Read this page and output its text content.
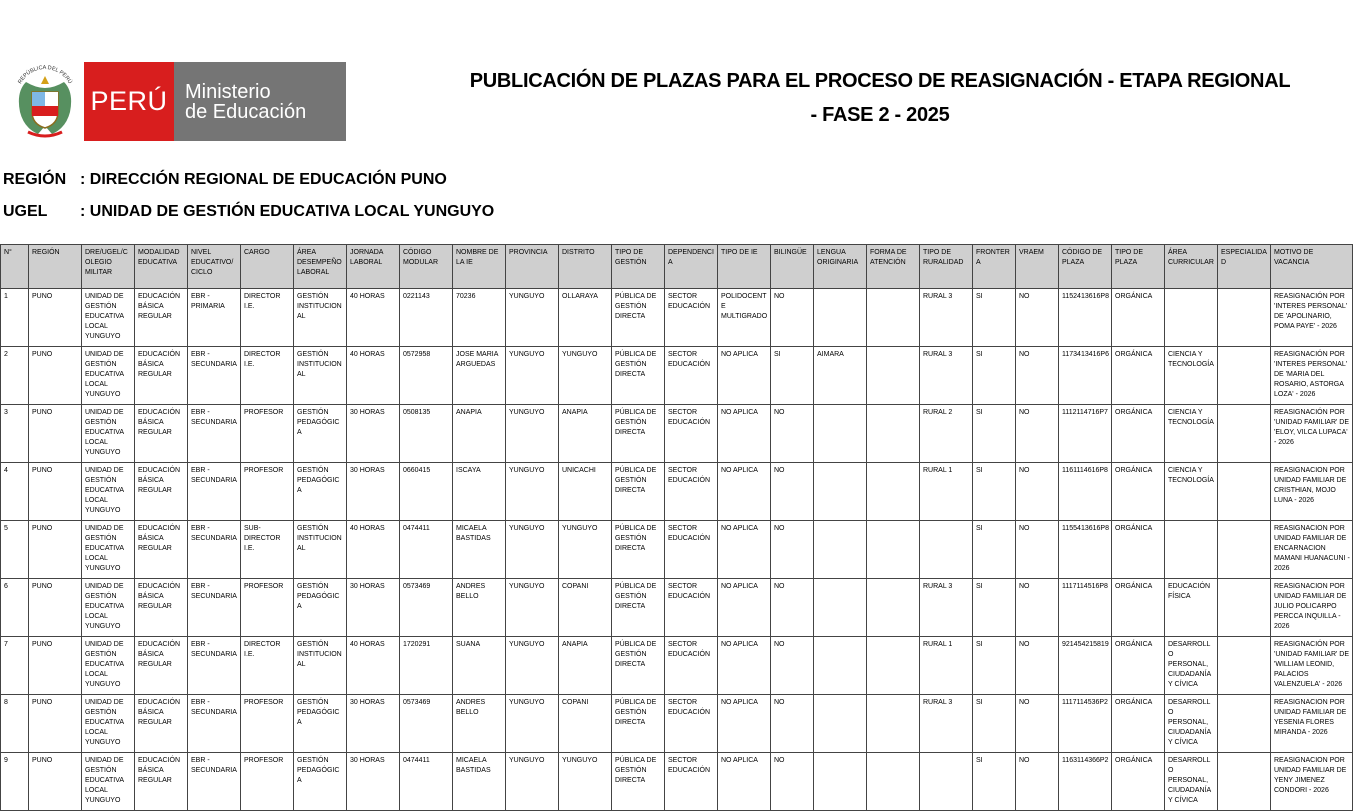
REPÚBLICA DEL PERÚ
PERÚ Ministerio
de Educación
PUBLICACIÓN DE PLAZAS PARA EL PROCESO DE REASIGNACIÓN - ETAPA REGIONAL
- FASE 2 - 2025
REGIÓN : DIRECCIÓN REGIONAL DE EDUCACIÓN PUNO
UGEL : UNIDAD DE GESTIÓN EDUCATIVA LOCAL YUNGUYO
N°	REGIÓN	DRE/UGEL/COLEGIO MILITAR	MODALIDAD EDUCATIVA	NIVEL EDUCATIVO/ CICLO	CARGO	ÁREA DESEMPEÑO LABORAL	JORNADA LABORAL	CÓDIGO MODULAR	NOMBRE DE LA IE	PROVINCIA	DISTRITO	TIPO DE GESTIÓN	DEPENDENCIA	TIPO DE IE	BILINGÜE	LENGUA ORIGINARIA	FORMA DE ATENCIÓN	TIPO DE RURALIDAD	FRONTERA	VRAEM	CÓDIGO DE PLAZA	TIPO DE PLAZA	ÁREA CURRICULAR	ESPECIALIDAD	MOTIVO DE VACANCIA
1	PUNO	UNIDAD DE GESTIÓN EDUCATIVA LOCAL YUNGUYO	EDUCACIÓN BÁSICA REGULAR	EBR - PRIMARIA	DIRECTOR I.E.	GESTIÓN INSTITUCIONAL	40 HORAS	0221143	70236	YUNGUYO	OLLARAYA	PÚBLICA DE GESTIÓN DIRECTA	SECTOR EDUCACIÓN	POLIDOCENTE MULTIGRADO	NO			RURAL 3	SI	NO	1152413616P8	ORGÁNICA			REASIGNACIÓN POR 'INTERES PERSONAL' DE 'APOLINARIO, POMA PAYE' - 2026
2	PUNO	UNIDAD DE GESTIÓN EDUCATIVA LOCAL YUNGUYO	EDUCACIÓN BÁSICA REGULAR	EBR - SECUNDARIA	DIRECTOR I.E.	GESTIÓN INSTITUCIONAL	40 HORAS	0572958	JOSE MARIA ARGUEDAS	YUNGUYO	YUNGUYO	PÚBLICA DE GESTIÓN DIRECTA	SECTOR EDUCACIÓN	NO APLICA	SI	AIMARA		RURAL 3	SI	NO	1173413416P6	ORGÁNICA	CIENCIA Y TECNOLOGÍA		REASIGNACIÓN POR 'INTERES PERSONAL' DE 'MARIA DEL ROSARIO, ASTORGA LOZA' - 2026
3	PUNO	UNIDAD DE GESTIÓN EDUCATIVA LOCAL YUNGUYO	EDUCACIÓN BÁSICA REGULAR	EBR - SECUNDARIA	PROFESOR	GESTIÓN PEDAGÓGICA	30 HORAS	0508135	ANAPIA	YUNGUYO	ANAPIA	PÚBLICA DE GESTIÓN DIRECTA	SECTOR EDUCACIÓN	NO APLICA	NO			RURAL 2	SI	NO	1112114716P7	ORGÁNICA	CIENCIA Y TECNOLOGÍA		REASIGNACIÓN POR 'UNIDAD FAMILIAR' DE 'ELOY, VILCA LUPACA' - 2026
4	PUNO	UNIDAD DE GESTIÓN EDUCATIVA LOCAL YUNGUYO	EDUCACIÓN BÁSICA REGULAR	EBR - SECUNDARIA	PROFESOR	GESTIÓN PEDAGÓGICA	30 HORAS	0660415	ISCAYA	YUNGUYO	UNICACHI	PÚBLICA DE GESTIÓN DIRECTA	SECTOR EDUCACIÓN	NO APLICA	NO			RURAL 1	SI	NO	1161114616P8	ORGÁNICA	CIENCIA Y TECNOLOGÍA		REASIGNACION POR UNIDAD FAMILIAR DE CRISTHIAN, MOJO LUNA - 2026
5	PUNO	UNIDAD DE GESTIÓN EDUCATIVA LOCAL YUNGUYO	EDUCACIÓN BÁSICA REGULAR	EBR - SECUNDARIA	SUB-DIRECTOR I.E.	GESTIÓN INSTITUCIONAL	40 HORAS	0474411	MICAELA BASTIDAS	YUNGUYO	YUNGUYO	PÚBLICA DE GESTIÓN DIRECTA	SECTOR EDUCACIÓN	NO APLICA	NO				SI	NO	1155413616P8	ORGÁNICA			REASIGNACION POR UNIDAD FAMILIAR DE ENCARNACION MAMANI HUANACUNI - 2026
6	PUNO	UNIDAD DE GESTIÓN EDUCATIVA LOCAL YUNGUYO	EDUCACIÓN BÁSICA REGULAR	EBR - SECUNDARIA	PROFESOR	GESTIÓN PEDAGÓGICA	30 HORAS	0573469	ANDRES BELLO	YUNGUYO	COPANI	PÚBLICA DE GESTIÓN DIRECTA	SECTOR EDUCACIÓN	NO APLICA	NO			RURAL 3	SI	NO	1117114516P8	ORGÁNICA	EDUCACIÓN FÍSICA		REASIGNACION POR UNIDAD FAMILIAR DE JULIO POLICARPO PERCCA INQUILLA - 2026
7	PUNO	UNIDAD DE GESTIÓN EDUCATIVA LOCAL YUNGUYO	EDUCACIÓN BÁSICA REGULAR	EBR - SECUNDARIA	DIRECTOR I.E.	GESTIÓN INSTITUCIONAL	40 HORAS	1720291	SUANA	YUNGUYO	ANAPIA	PÚBLICA DE GESTIÓN DIRECTA	SECTOR EDUCACIÓN	NO APLICA	NO			RURAL 1	SI	NO	921454215819	ORGÁNICA	DESARROLLO PERSONAL, CIUDADANÍA Y CÍVICA		REASIGNACIÓN POR 'UNIDAD FAMILIAR' DE 'WILLIAM LEONID, PALACIOS VALENZUELA' - 2026
8	PUNO	UNIDAD DE GESTIÓN EDUCATIVA LOCAL YUNGUYO	EDUCACIÓN BÁSICA REGULAR	EBR - SECUNDARIA	PROFESOR	GESTIÓN PEDAGÓGICA	30 HORAS	0573469	ANDRES BELLO	YUNGUYO	COPANI	PÚBLICA DE GESTIÓN DIRECTA	SECTOR EDUCACIÓN	NO APLICA	NO			RURAL 3	SI	NO	1117114536P2	ORGÁNICA	DESARROLLO PERSONAL, CIUDADANÍA Y CÍVICA		REASIGNACION POR UNIDAD FAMILIAR DE YESENIA FLORES MIRANDA - 2026
9	PUNO	UNIDAD DE GESTIÓN EDUCATIVA LOCAL YUNGUYO	EDUCACIÓN BÁSICA REGULAR	EBR - SECUNDARIA	PROFESOR	GESTIÓN PEDAGÓGICA	30 HORAS	0474411	MICAELA BASTIDAS	YUNGUYO	YUNGUYO	PÚBLICA DE GESTIÓN DIRECTA	SECTOR EDUCACIÓN	NO APLICA	NO				SI	NO	1163114366P2	ORGÁNICA	DESARROLLO PERSONAL, CIUDADANÍA Y CÍVICA		REASIGNACION POR UNIDAD FAMILIAR DE YENY JIMENEZ CONDORI - 2026
